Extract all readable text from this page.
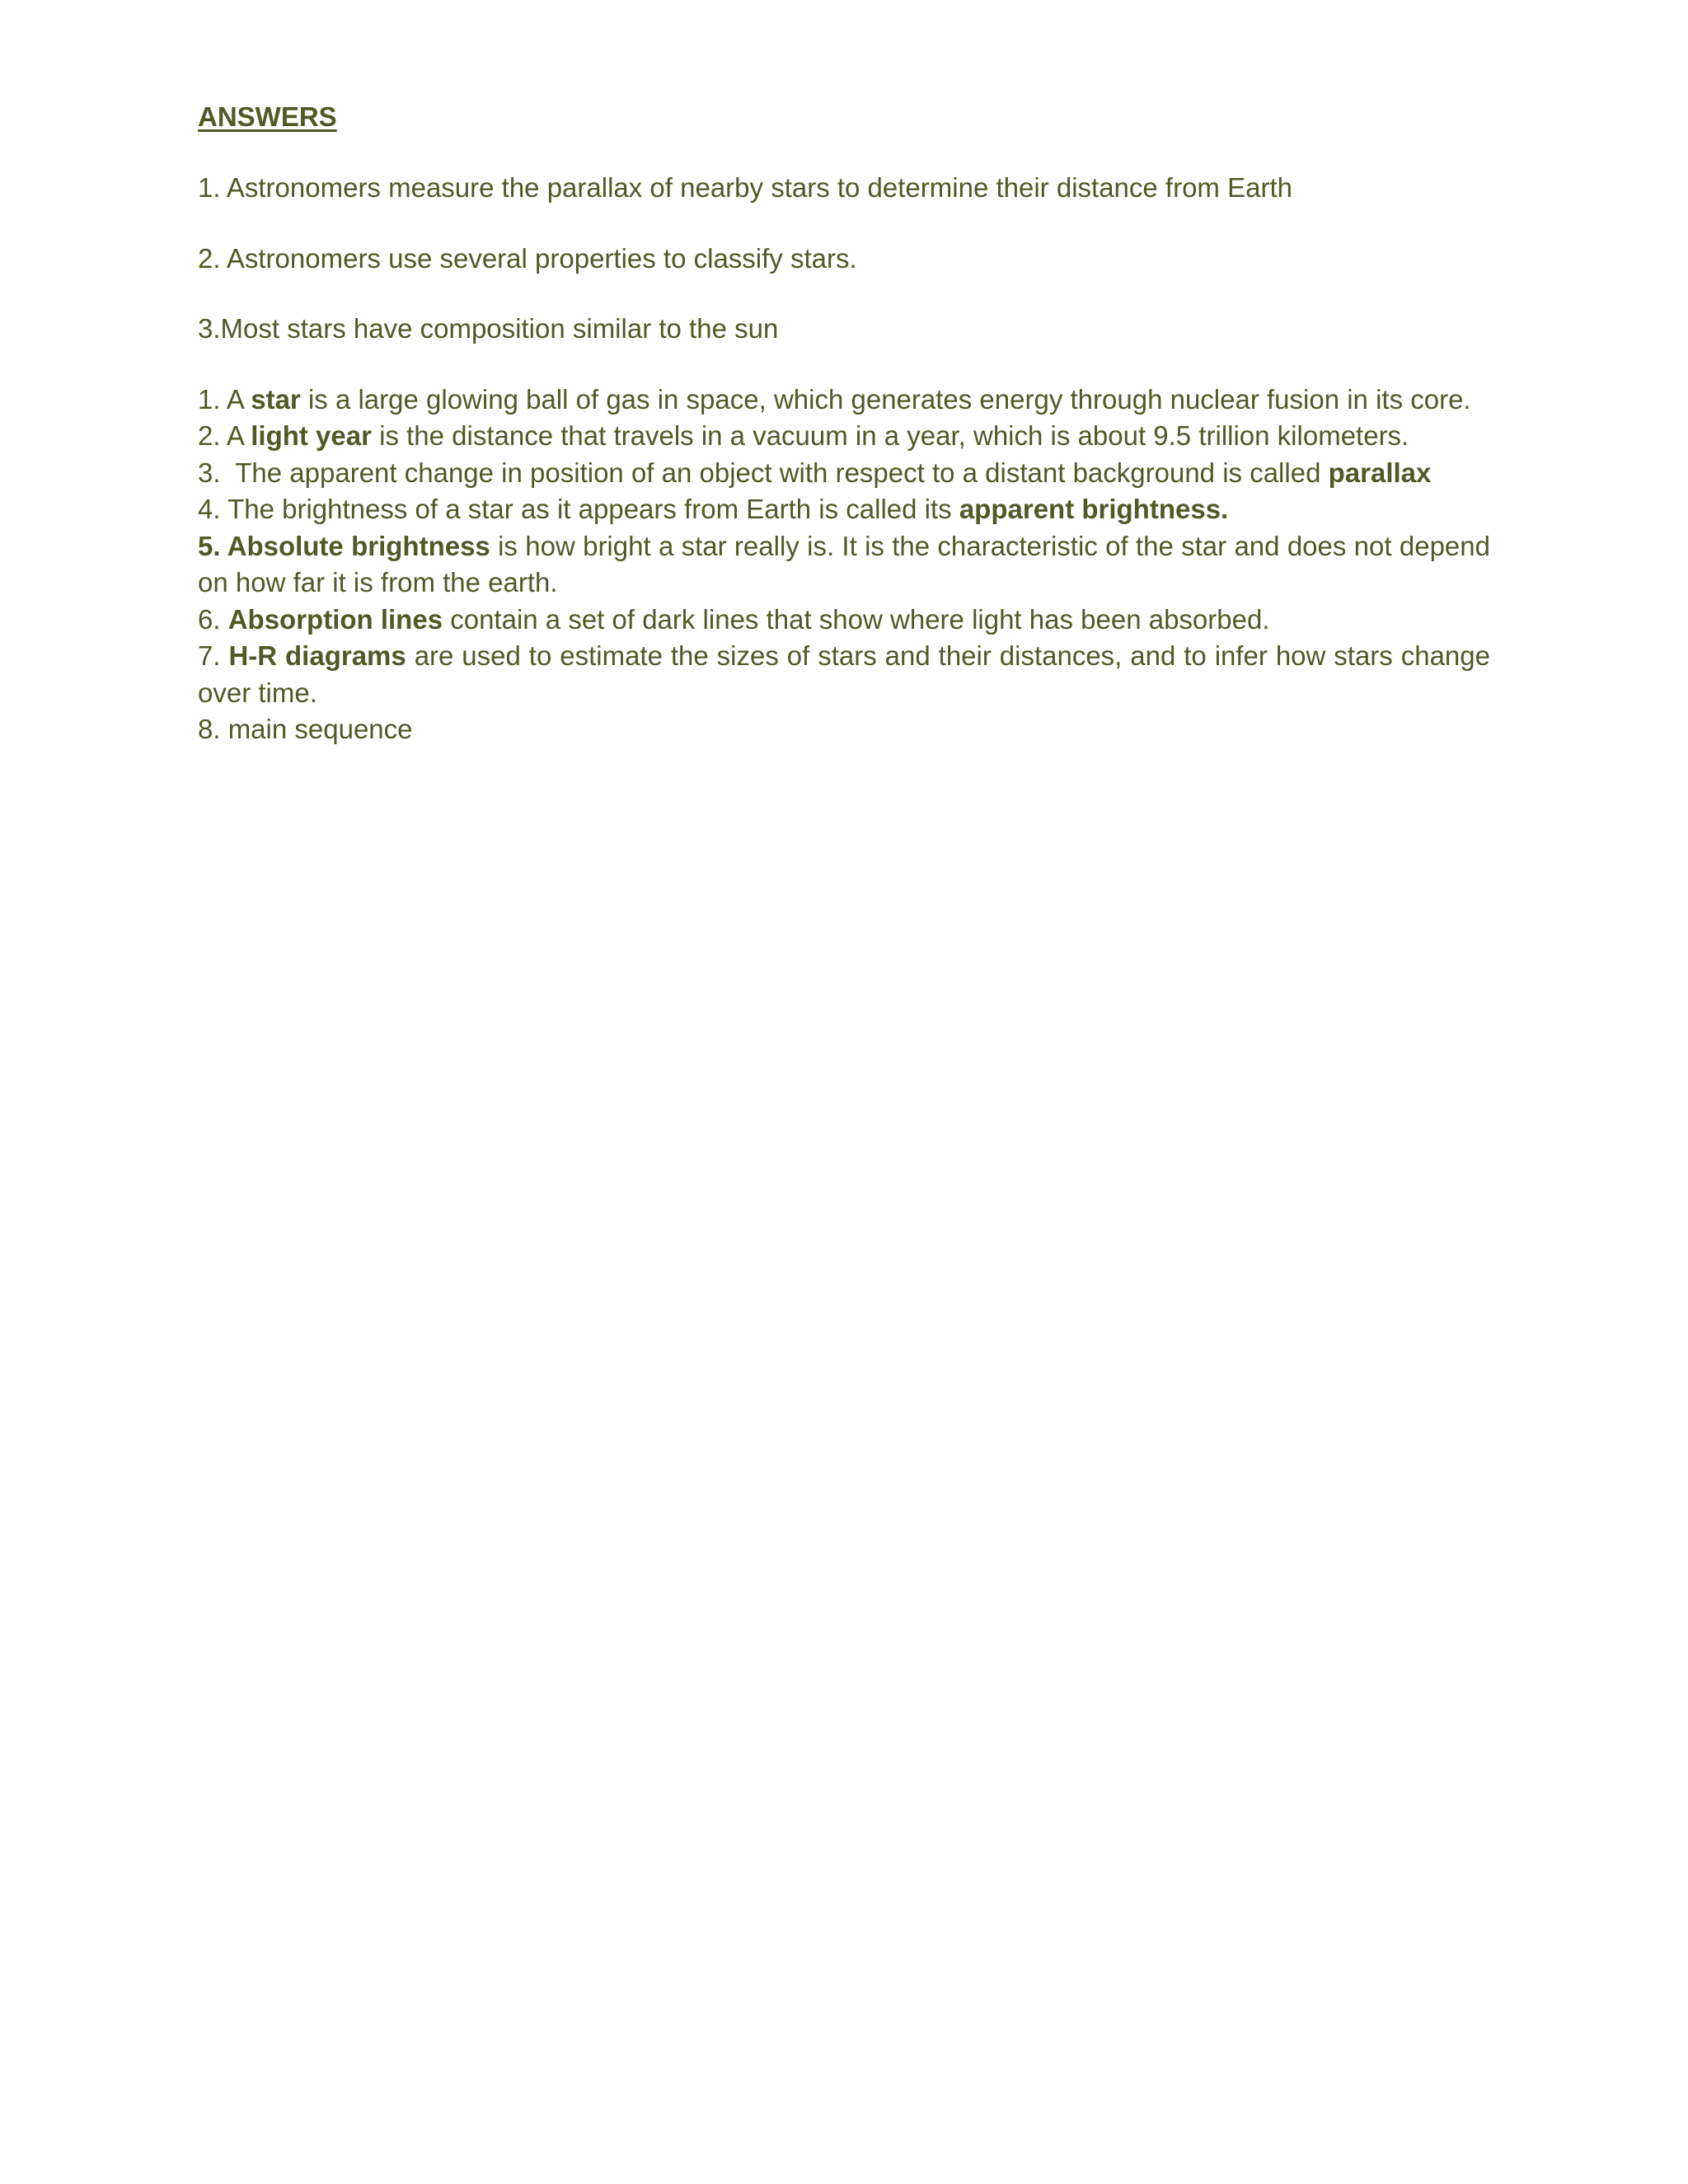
ANSWERS
1. Astronomers measure the parallax of nearby stars to determine their distance from Earth
2. Astronomers use several properties to classify stars.
3.Most stars have composition similar to the sun
1. A star is a large glowing ball of gas in space, which generates energy through nuclear fusion in its core.
2. A light year is the distance that travels in a vacuum in a year, which is about 9.5 trillion kilometers.
3.  The apparent change in position of an object with respect to a distant background is called parallax
4. The brightness of a star as it appears from Earth is called its apparent brightness.
5. Absolute brightness is how bright a star really is. It is the characteristic of the star and does not depend on how far it is from the earth.
6. Absorption lines contain a set of dark lines that show where light has been absorbed.
7. H-R diagrams are used to estimate the sizes of stars and their distances, and to infer how stars change over time.
8. main sequence
